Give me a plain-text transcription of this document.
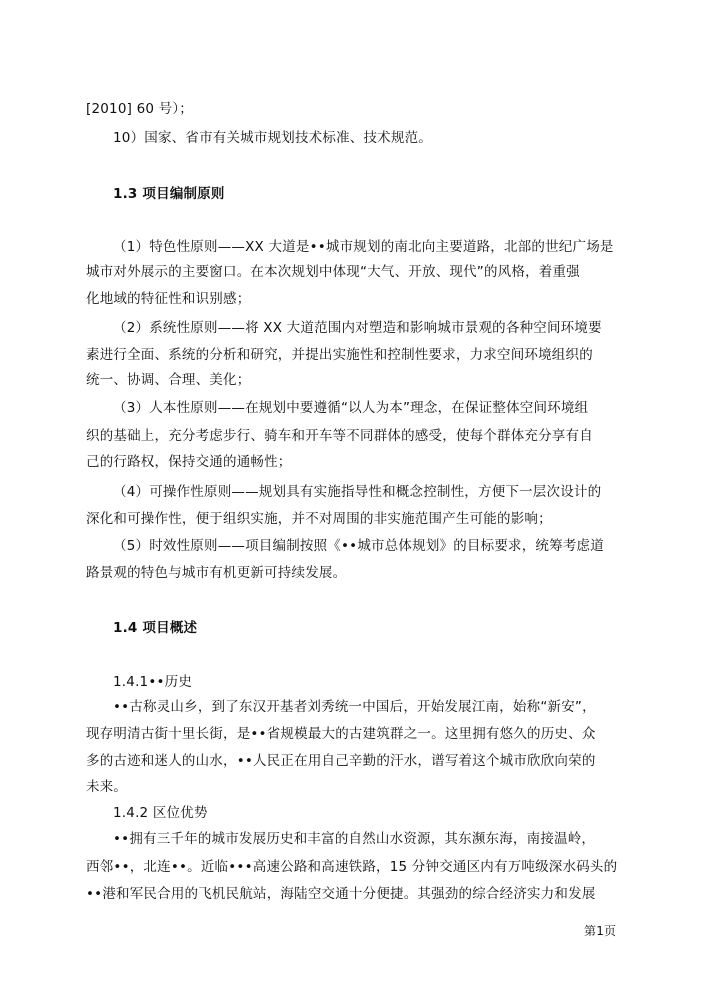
[2010] 60 号）；

10）国家、省市有关城市规划技术标准、技术规范。

1.3 项目编制原则

（1）特色性原则——XX 大道是••城市规划的南北向主要道路，北部的世纪广场是

城市对外展示的主要窗口。在本次规划中体现“大气、开放、现代”的风格，着重强

化地域的特征性和识别感；

（2）系统性原则——将 XX 大道范围内对塑造和影响城市景观的各种空间环境要

素进行全面、系统的分析和研究，并提出实施性和控制性要求，力求空间环境组织的

统一、协调、合理、美化；

（3）人本性原则——在规划中要遵循“以人为本”理念，在保证整体空间环境组

织的基础上，充分考虑步行、骑车和开车等不同群体的感受，使每个群体充分享有自

己的行路权，保持交通的通畅性；

（4）可操作性原则——规划具有实施指导性和概念控制性，方便下一层次设计的

深化和可操作性，便于组织实施，并不对周围的非实施范围产生可能的影响；

（5）时效性原则——项目编制按照《••城市总体规划》的目标要求，统筹考虑道

路景观的特色与城市有机更新可持续发展。

1.4 项目概述

1.4.1••历史

••古称灵山乡，到了东汉开基者刘秀统一中国后，开始发展江南，始称“新安”，

现存明清古街十里长街，是••省规模最大的古建筑群之一。这里拥有悠久的历史、众

多的古迹和迷人的山水，••人民正在用自己辛勤的汗水，谱写着这个城市欣欣向荣的

未来。

1.4.2 区位优势

••拥有三千年的城市发展历史和丰富的自然山水资源，其东濒东海，南接温岭，

西邻••，北连••。近临•••高速公路和高速铁路，15 分钟交通区内有万吨级深水码头的

••港和军民合用的飞机民航站，海陆空交通十分便捷。其强劲的综合经济实力和发展

第1页
